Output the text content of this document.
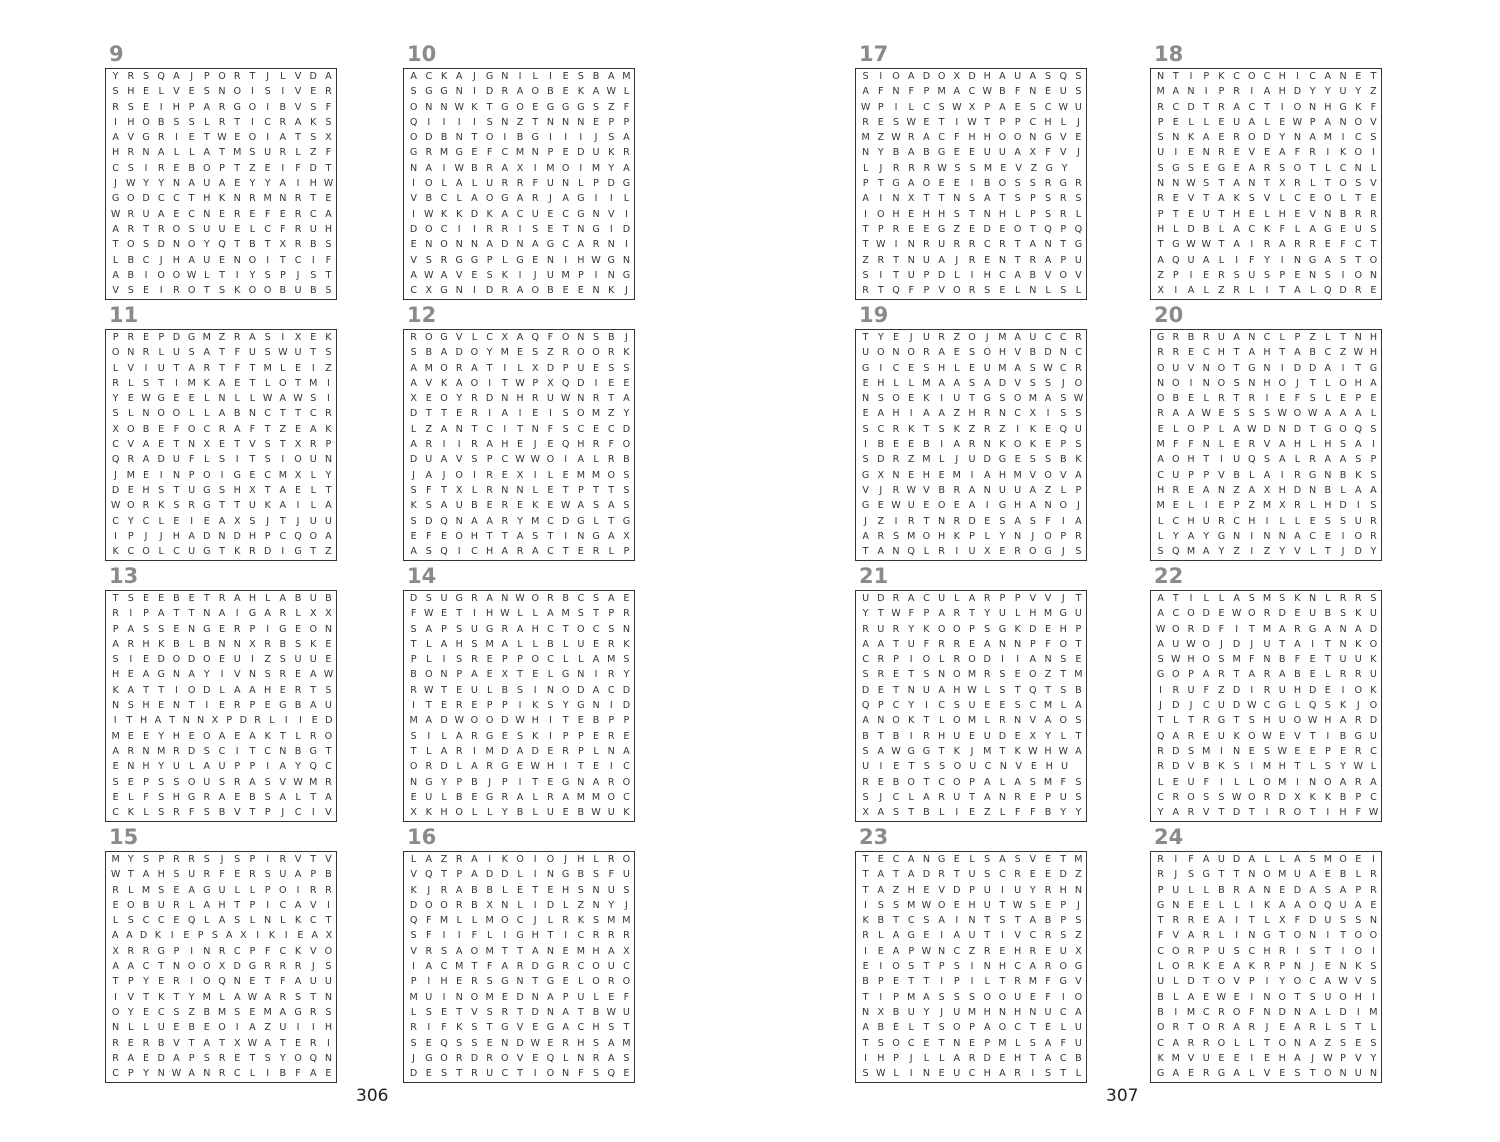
9
Y R S Q A	J	P O R T	J	L V D A
S H E L V E S N O	I	S	I	V E R
R S E	I	H P A R G O	I	B V S F
I	H O B S S L R T	I	C R A K S
A V G R	I	E T W E O	I	A T S X
H R N A L	L A T M S U R L Z F
C S	I	R E B O P T Z E	I	F D T
J W Y Y N A U A E Y Y A	I	H W
G O D C C T H K N R M N R T E
W R U A E C N E R E F E R C A
A R T R O S U U E L C F R U H
T O S D N O Y Q T B T X R B S
L B C	J	H A U E N O	I	T C	I	F
A B	I	O O W L T	I	Y S P	J	S T
V S E	I	R O T S K O O B U B S
10
A C K A	J	G N	I	L	I	E S B A M
S G G N	I	D R A O B E K A W L
O N N W K T G O E G G G S Z F
Q	I	I	I	I	S N Z T N N N E P P
O D B N T O	I	B G	I	I	I	J	S A
G R M G E F C M N P E D U K R
N A	I W B R A X	I	M O	I	M Y A
I	O L A L U R R F U N L	P D G
V B C L A O G A R	J	A G	I	I	L
I W K K D K A C U E C G N V	I
D O C	I	I	R R	I	S E T N G	I	D
E N O N N A D N A G C A R N	I
V S R G G P	L G E N	I	H W G N
A W A V E S K	I	J	U M P	I	N G
C X G N	I	D R A O B E E N K	J
11
P R E P D G M Z R A S	I	X E K
O N R L U S A T F U S W U T S
L V	I	U T A R T F T M L E	I	Z
R L S T	I	M K A E T L O T M	I
Y E W G E E L N L	L W A W S	I
S L N O O L	L A B N C T T C R
X O B E F O C R A F T Z E A K
C V A E T N X E T V S T X R P
Q R A D U F	L S	I	T S	I	O U N
J	M E	I	N P O	I	G E C M X L Y
D E H S T U G S H X T A E L T
W O R K S R G T T U K A	I	L A
C Y C L E	I	E A X S	J	T	J	U U
I	P	J	J	H A D N D H P C Q O A
K C O L C U G T K R D	I	G T Z
12
R O G V L C X A Q F O N S B	J
S B A D O Y M E S Z R O O R K
A M O R A T	I	L X D P U E S S
A V K A O	I	T W P X Q D	I	E E
X E O Y R D N H R U W N R T A
D T T E R	I	A	I	E	I	S O M Z Y
L Z A N T C	I	T N F S C E C D
A R	I	I	R A H E	J	E Q H R F O
D U A V S P C W W O	I	A L R B
J	A	J	O	I	R E X	I	L E M M O S
S F T X L R N N L E T P T T S
K S A U B E R E K E W A S A S
S D Q N A A R Y M C D G L T G
E F E O H T T A S T	I	N G A X
A S Q	I	C H A R A C T E R L	P
13
T S E E B E T R A H L A B U B
R	I	P A T T N A	I	G A R L X X
P A S S E N G E R P	I	G E O N
A R H K B L B N N X R B S K E
S	I	E D O D O E U	I	Z S U U E
H E A G N A Y	I	V N S R E A W
K A T T	I	O D L A A H E R T S
N S H E N T	I	E R P E G B A U
I	T H A T N N X P D R L	I	I	E D
M E E Y H E O A E A K T L R O
A R N M R D S C	I	T C N B G T
E N H Y U L A U P P	I	A Y Q C
S E P S S O U S R A S V W M R
E L	F S H G R A E B S A L T A
C K L S R F S B V T P	J	C	I	V
14
D S U G R A N W O R B C S A E
F W E T	I	H W L	L A M S T P R
S A P S U G R A H C T O C S N
T L A H S M A L	L B L U E R K
P	L	I	S R E P P O C L	L A M S
B O N P A E X T E L G N	I	R Y
R W T E U L B S	I	N O D A C D
I	T E R E P P	I	K S Y G N	I	D
M A D W O O D W H	I	T E B P P
S	I	L A R G E S K	I	P P E R E
T L A R	I	M D A D E R P	L N A
O R D L A R G E W H	I	T E	I	C
N G Y P B	J	P	I	T E G N A R O
E U L B E G R A L R A M M O C
X K H O L	L Y B L U E B W U K
15
M Y S P R R S	J	S P	I	R V T V
W T A H S U R F E R S U A P B
R L M S E A G U L	L	P O	I	R R
E O B U R L A H T P	I	C A V	I
L S C C E Q L A S L N L K C T
A A D K	I	E P S A X I	K	I	E A X
X R R G P	I	N R C P F C K V O
A A C T N O O X D G R R R	J	S
T P Y E R	I	O Q N E T F A U U
I	V T K T Y M L A W A R S T N
O Y E C S Z B M S E M A G R S
N L	L U E B E O	I	A Z U	I	I	H
R E R B V T A T X W A T E R	I
R A E D A P S R E T S Y O Q N
C P Y N W A N R C L	I	B F A E
16
L A Z R A	I	K O	I	O	J	H L R O
V Q T P A D D L	I	N G B S F U
K	J	R A B B L E T E H S N U S
D O O R B X N L	I	D L Z N Y	J
Q F M L	L M O C	J	L R K S M M
S F	I	I	F	L	I	G H T	I	C R R R
V R S A O M T T A N E M H A X
I	A C M T F A R D G R C O U C
P	I	H E R S G N T G E L O R O
M U	I	N O M E D N A P U L E F
L S E T V S R T D N A T B W U
R	I	F K S T G V E G A C H S T
S E Q S S E N D W E R H S A M
J	G O R D R O V E Q L N R A S
D E S T R U C T	I	O N F S Q E
17
S	I	O A D O X D H A U A S Q S
A F N F P M A C W B F N E U S
W P	I	L C S W X P A E S C W U
R E S W E T	I W T P P C H L	J
M Z W R A C F H H O O N G V E
N Y B A B G E E U U A X F V	J
L	J	R R R W S S M E V Z G Y
P T G A O E E	I	B O S S R G R
A	I	N X T T N S A T S P S R S
I	O H E H H S T N H L	P S R L
T P R E E G Z E D E O T Q P Q
T W I	N R U R R C R T A N T G
Z R T N U A	J	R E N T R A P U
S	I	T U P D L	I	H C A B V O V
R T Q F P V O R S E L N L S L
18
N T	I	P K C O C H	I	C A N E T
M A N	I	P R	I	A H D Y Y U Y Z
R C D T R A C T	I	O N H G K F
P E L	L E U A L E W P A N O V
S N K A E R O D Y N A M	I	C S
U	I	E N R E V E A F R	I	K O	I
S G S E G E A R S O T L C N L
N N W S T A N T X R L T O S V
R E V T A K S V L C E O L T E
P T E U T H E L H E V N B R R
H L D B L A C K F	L A G E U S
T G W W T A	I	R A R R E F C T
A Q U A L	I	F Y	I	N G A S T O
Z P	I	E R S U S P E N S	I	O N
X	I	A L Z R L	I	T A L Q D R E
19
T Y E	J	U R Z O	J	M A U C C R
U O N O R A E S O H V B D N C
G	I	C E S H L E U M A S W C R
E H L	L M A A S A D V S S	J	O
N S O E K	I	U T G S O M A S W
E A H	I	A A Z H R N C X	I	S S
S C R K T S K Z R Z	I	K E Q U
I	B E E B	I	A R N K O K E P S
S D R Z M L	J	U D G E S S B K
G X N E H E M	I	A H M V O V A
V	J	R W V B R A N U U A Z L	P
G E W U E O E A	I	G H A N O	J
J	Z	I	R T N R D E S A S F	I	A
A R S M O H K P	L Y N	J	O P R
T A N Q L R	I	U X E R O G	J	S
20
G R B R U A N C L	P Z L T N H
R R E C H T A H T A B C Z W H
O U V N O T G N	I	D D A	I	T G
N O	I	N O S N H O	J	T L O H A
O B E L R T R	I	E F S L E P E
R A A W E S S S W O W A A A L
E L O P	L A W D N D T G O Q S
M F	F N L E R V A H L H S A	I
A O H T	I	U Q S A L R A A S P
C U P P V B L A	I	R G N B K S
H R E A N Z A X H D N B L A A
M E L	I	E P Z M X R L H D	I	S
L C H U R C H	I	L	L E S S U R
L Y A Y G N	I	N N A C E	I	O R
S Q M A Y Z	I	Z Y V L T	J	D Y
21
U D R A C U L A R P P V V	J	T
Y T W F P A R T Y U L H M G U
R U R Y K O O P S G K D E H P
A A T U F R R E A N N P F O T
C R P	I	O L R O D	I	I	A N S E
S R E T S N O M R S E O Z T M
D E T N U A H W L S T Q T S B
Q P C Y	I	C S U E E S C M L A
A N O K T L O M L R N V A O S
B T B	I	R H U E U D E X Y L T
S A W G G T K	J	M T K W H W A
U	I	E T S S O U C N V E H U
R E B O T C O P A L A S M F S
S	J	C L A R U T A N R E P U S
X A S T B L	I	E Z L	F	F B Y Y
22
A T	I	L	L A S M S K N L R R S
A C O D E W O R D E U B S K U
W O R D F	I	T M A R G A N A D
A U W O	J	D	J	U T A	I	T N K O
S W H O S M F N B F E T U U K
G O P A R T A R A B E L R R U
I	R U F Z D	I	R U H D E	I	O K
J	D	J	C U D W C G L Q S K	J	O
T L T R G T S H U O W H A R D
Q A R E U K O W E V T	I	B G U
R D S M	I	N E S W E E P E R C
R D V B K S	I	M H T L S Y W L
L E U F	I	L	L O M	I	N O A R A
C R O S S W O R D X K K B P C
Y A R V T D T	I	R O T	I	H F W
23
T E C A N G E L S A S V E T M
T A T A D R T U S C R E E D Z
T A Z H E V D P U	I	U Y R H N
I	S S M W O E H U T W S E P	J
K B T C S A	I	N T S T A B P S
R L A G E	I	A U T	I	V C R S Z
I	E A P W N C Z R E H R E U X
E	I	O S T P S	I	N H C A R O G
B P E T T	I	P	I	L T R M F G V
T	I	P M A S S S O O U E F	I	O
N X B U Y	J	U M H N H N U C A
A B E L T S O P A O C T E L U
T S O C E T N E P M L S A F U
I	H P	J	L	L A R D E H T A C B
S W L	I	N E U C H A R	I	S T L
24
R	I	F A U D A L	L A S M O E	I
R	J	S G T T N O M U A E B L R
P U L	L B R A N E D A S A P R
G N E E L	L	I	K A A O Q U A E
T R R E A	I	T L X F D U S S N
F V A R L	I	N G T O N	I	T O O
C O R P U S C H R	I	S T	I	O	I
L O R K E A K R P N	J	E N K S
U L D T O V P	I	Y O C A W V S
B L A E W E	I	N O T S U O H	I
B	I	M C R O F N D N A L D	I	M
O R T O R A R	J	E A R L S T L
C A R R O L	L T O N A Z S E S
K M V U E E	I	E H A	J W P V Y
G A E R G A L V E S T O N U N
306	307
